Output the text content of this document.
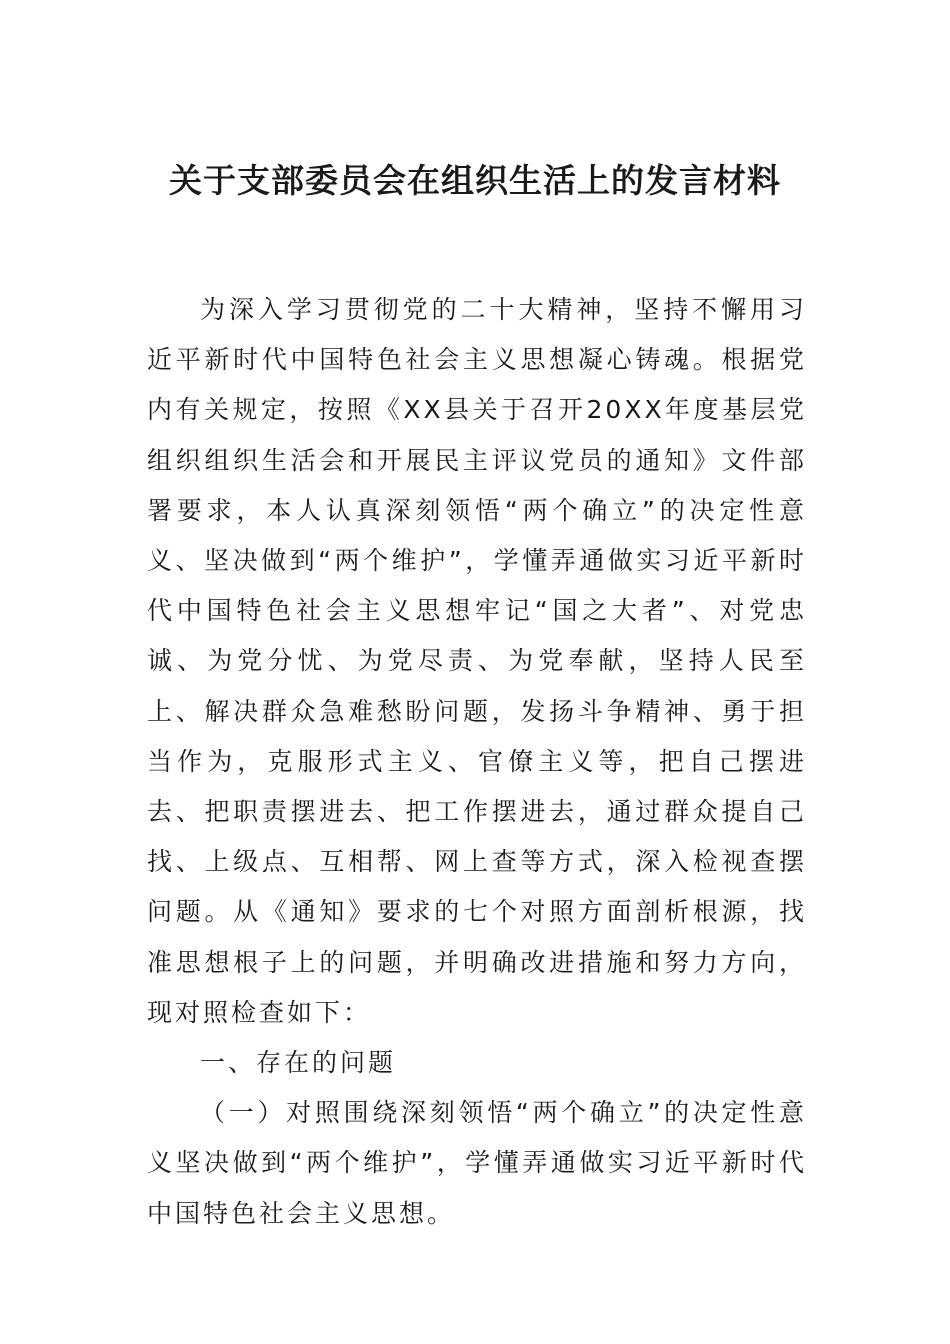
关于支部委员会在组织生活上的发言材料

为深入学习贯彻党的二十大精神，坚持不懈用习近平新时代中国特色社会主义思想凝心铸魂。根据党内有关规定，按照《XX县关于召开20XX年度基层党组织组织生活会和开展民主评议党员的通知》文件部署要求，本人认真深刻领悟“两个确立”的决定性意义、坚决做到“两个维护”，学懂弄通做实习近平新时代中国特色社会主义思想牢记“国之大者”、对党忠诚、为党分忧、为党尽责、为党奉献，坚持人民至上、解决群众急难愁盼问题，发扬斗争精神、勇于担当作为，克服形式主义、官僚主义等，把自己摆进去、把职责摆进去、把工作摆进去，通过群众提自己找、上级点、互相帮、网上查等方式，深入检视查摆问题。从《通知》要求的七个对照方面剖析根源，找准思想根子上的问题，并明确改进措施和努力方向，现对照检查如下：

一、存在的问题

（一）对照围绕深刻领悟“两个确立”的决定性意义坚决做到“两个维护”，学懂弄通做实习近平新时代中国特色社会主义思想。
